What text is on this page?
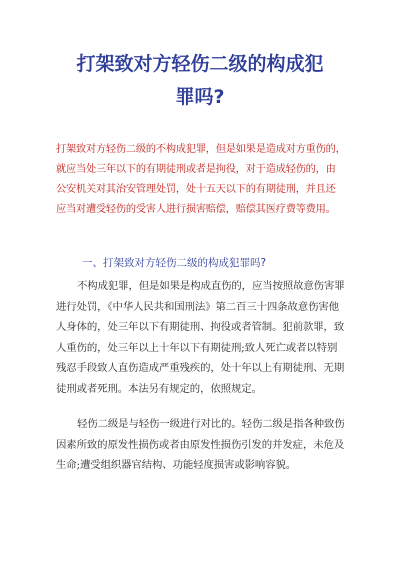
打架致对方轻伤二级的构成犯
罪吗?
打架致对方轻伤二级的不构成犯罪，但是如果是造成对方重伤的，
就应当处三年以下的有期徒刑或者是拘役，对于造成轻伤的，由
公安机关对其治安管理处罚，处十五天以下的有期徒刑，并且还
应当对遭受轻伤的受害人进行损害赔偿，赔偿其医疗费等费用。
一、打架致对方轻伤二级的构成犯罪吗?
不构成犯罪，但是如果是构成直伤的，应当按照故意伤害罪
进行处罚，《中华人民共和国刑法》第二百三十四条故意伤害他
人身体的，处三年以下有期徒刑、拘役或者管制。犯前款罪，致
人重伤的，处三年以上十年以下有期徒刑;致人死亡或者以特别
残忍手段致人直伤造成严重残疾的，处十年以上有期徒刑、无期
徒刑或者死刑。本法另有规定的，依照规定。
轻伤二级是与轻伤一级进行对比的。轻伤二级是指各种致伤
因素所致的原发性损伤或者由原发性损伤引发的并发症，未危及
生命;遭受组织器官结构、功能轻度损害或影响容貌。
